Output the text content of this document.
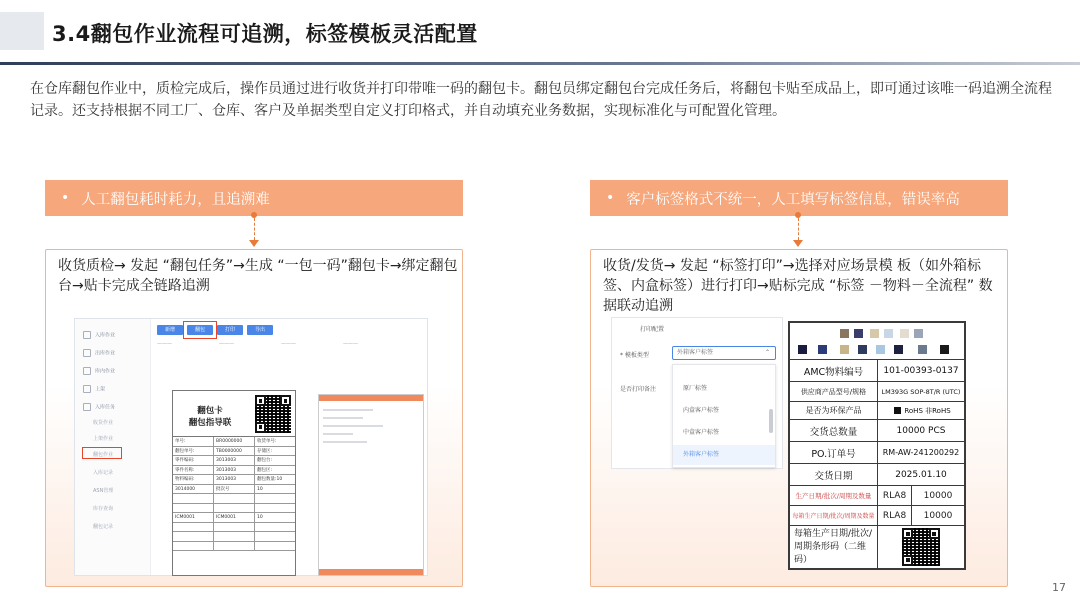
3.4翻包作业流程可追溯，标签模板灵活配置
在仓库翻包作业中，质检完成后，操作员通过进行收货并打印带唯一码的翻包卡。翻包员绑定翻包台完成任务后，将翻包卡贴至成品上，即可通过该唯一码追溯全流程记录。还支持根据不同工厂、仓库、客户及单据类型自定义打印格式，并自动填充业务数据，实现标准化与可配置化管理。
• 人工翻包耗时耗力，且追溯难
收货质检→ 发起 “翻包任务”→生成 “一包一码”翻包卡→绑定翻包台→贴卡完成全链路追溯
入库作业
出库作业
库内作业
上架
入库任务
收货作业
上架作业
翻包作业
入库记录
ASN管理
库存查询
翻包记录
新增	翻包	打印	导出
———	———	———	———
翻包卡
翻包指导联
单号:	BR0000000	收货单号:
翻包单号:	TB0000000	存储区:
零件编码:	3013003	翻包台:
零件名称:	3013003	翻包区:
物料编码:	3013003	翻包数量:10
3014000	批次号	10
ICM0001	ICM0001	10
• 客户标签格式不统一，人工填写标签信息，错误率高
收货/发货→ 发起 “标签打印”→选择对应场景模 板（如外箱标签、内盒标签）进行打印→贴标完成 “标签 －物料－全流程” 数据联动追溯
打印配置
* 模板类型	外箱客户标签	⌃
是否打印备注	原厂标签
内盒客户标签
中盒客户标签
外箱客户标签
AMC物料编号	101-00393-0137
供应商产品型号/规格	LM393G SOP-8T/R (UTC)
是否为环保产品	RoHS 非RoHS
交货总数量	10000 PCS
PO.订单号	RM-AW-241200292
交货日期	2025.01.10
生产日期/批次/周期及数量	RLA8	10000
每箱生产日期/批次/周期及数量 RLA8	10000
每箱生产日期/批次/周期条形码（二维码）
17
